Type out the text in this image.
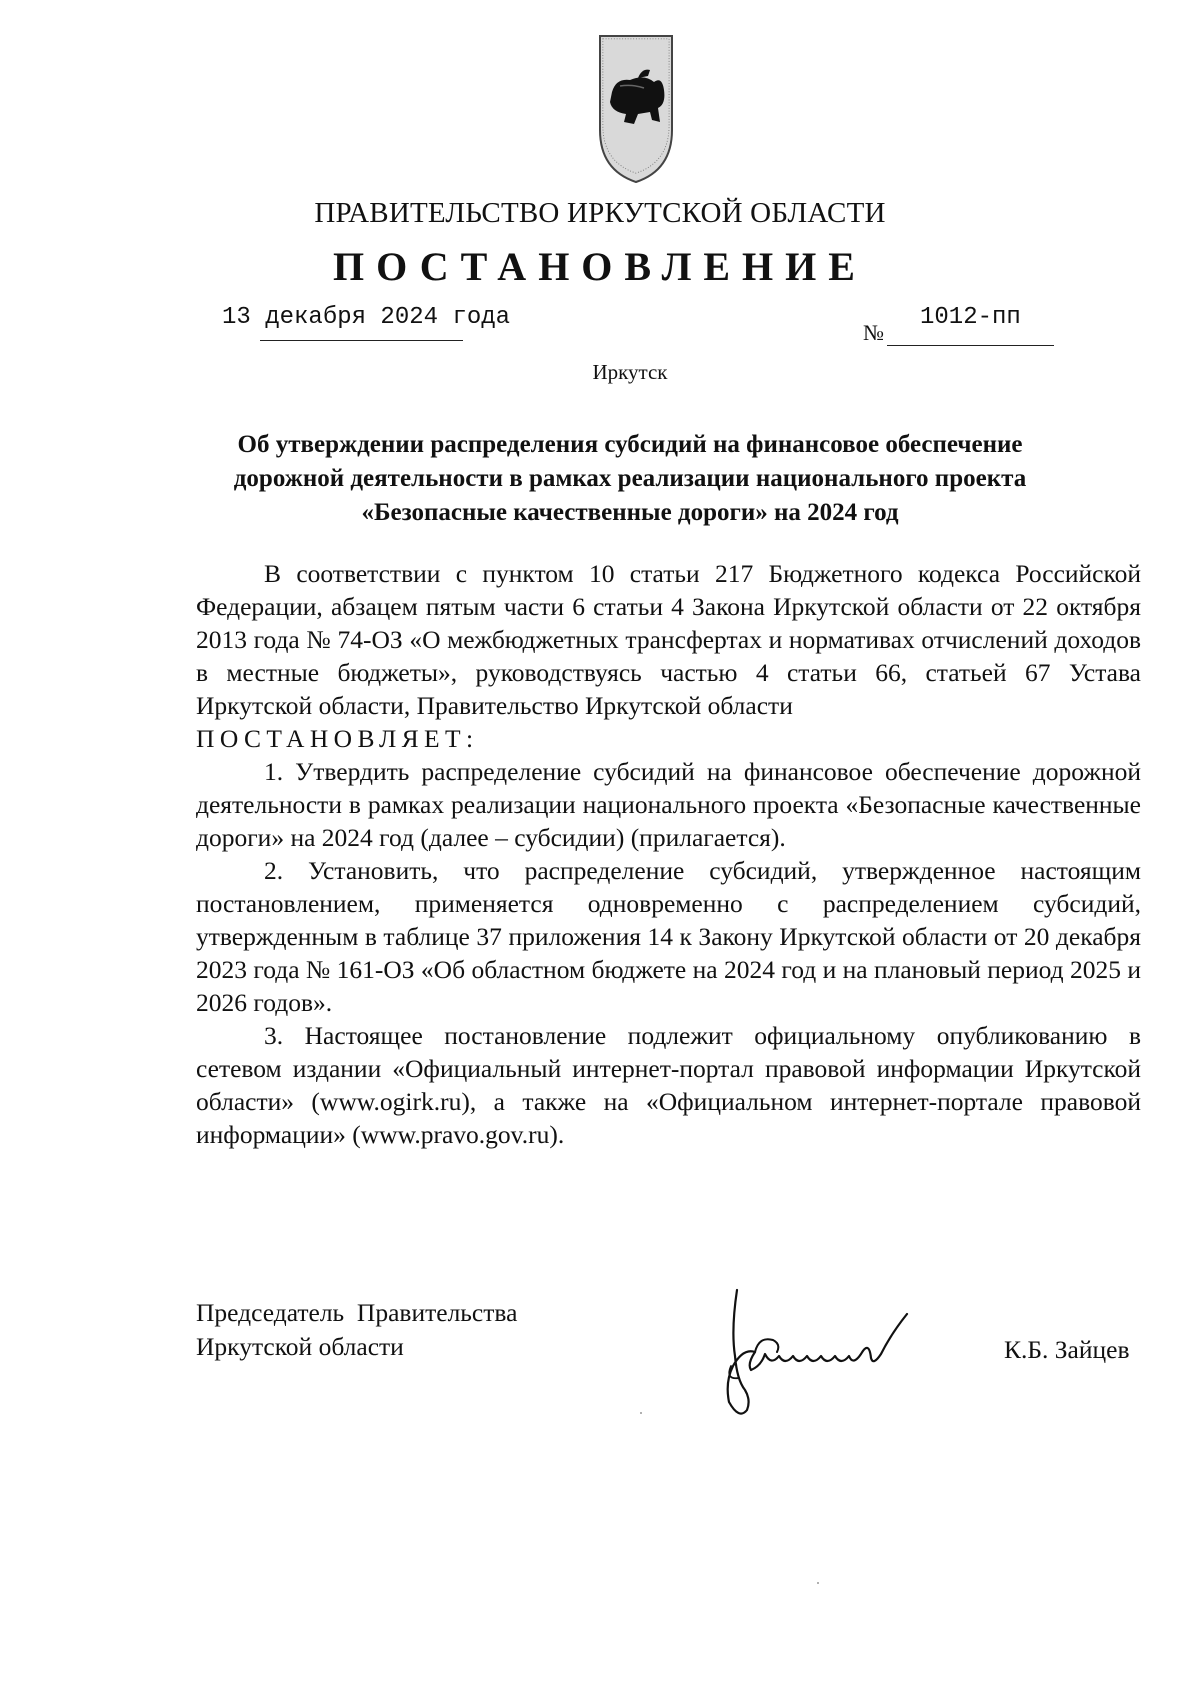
ПРАВИТЕЛЬСТВО ИРКУТСКОЙ ОБЛАСТИ
ПОСТАНОВЛЕНИЕ
13 декабря 2024 года
№
1012-пп
Иркутск
Об утверждении распределения субсидий на финансовое обеспечение
дорожной деятельности в рамках реализации национального проекта
«Безопасные качественные дороги» на 2024 год

В соответствии с пунктом 10 статьи 217 Бюджетного кодекса Российской Федерации, абзацем пятым части 6 статьи 4 Закона Иркутской области от 22 октября 2013 года № 74-ОЗ «О межбюджетных трансфертах и нормативах отчислений доходов в местные бюджеты», руководствуясь частью 4 статьи 66, статьей 67 Устава Иркутской области, Правительство Иркутской области

ПОСТАНОВЛЯЕТ:

1. Утвердить распределение субсидий на финансовое обеспечение дорожной деятельности в рамках реализации национального проекта «Безопасные качественные дороги» на 2024 год (далее – субсидии) (прилагается).

2. Установить, что распределение субсидий, утвержденное настоящим постановлением, применяется одновременно с распределением субсидий, утвержденным в таблице 37 приложения 14 к Закону Иркутской области от 20 декабря 2023 года № 161-ОЗ «Об областном бюджете на 2024 год и на плановый период 2025 и 2026 годов».

3. Настоящее постановление подлежит официальному опубликованию в сетевом издании «Официальный интернет-портал правовой информации Иркутской области» (www.ogirk.ru), а также на «Официальном интернет-портале правовой информации» (www.pravo.gov.ru).

Председатель  Правительства
Иркутской области	К.Б. Зайцев
